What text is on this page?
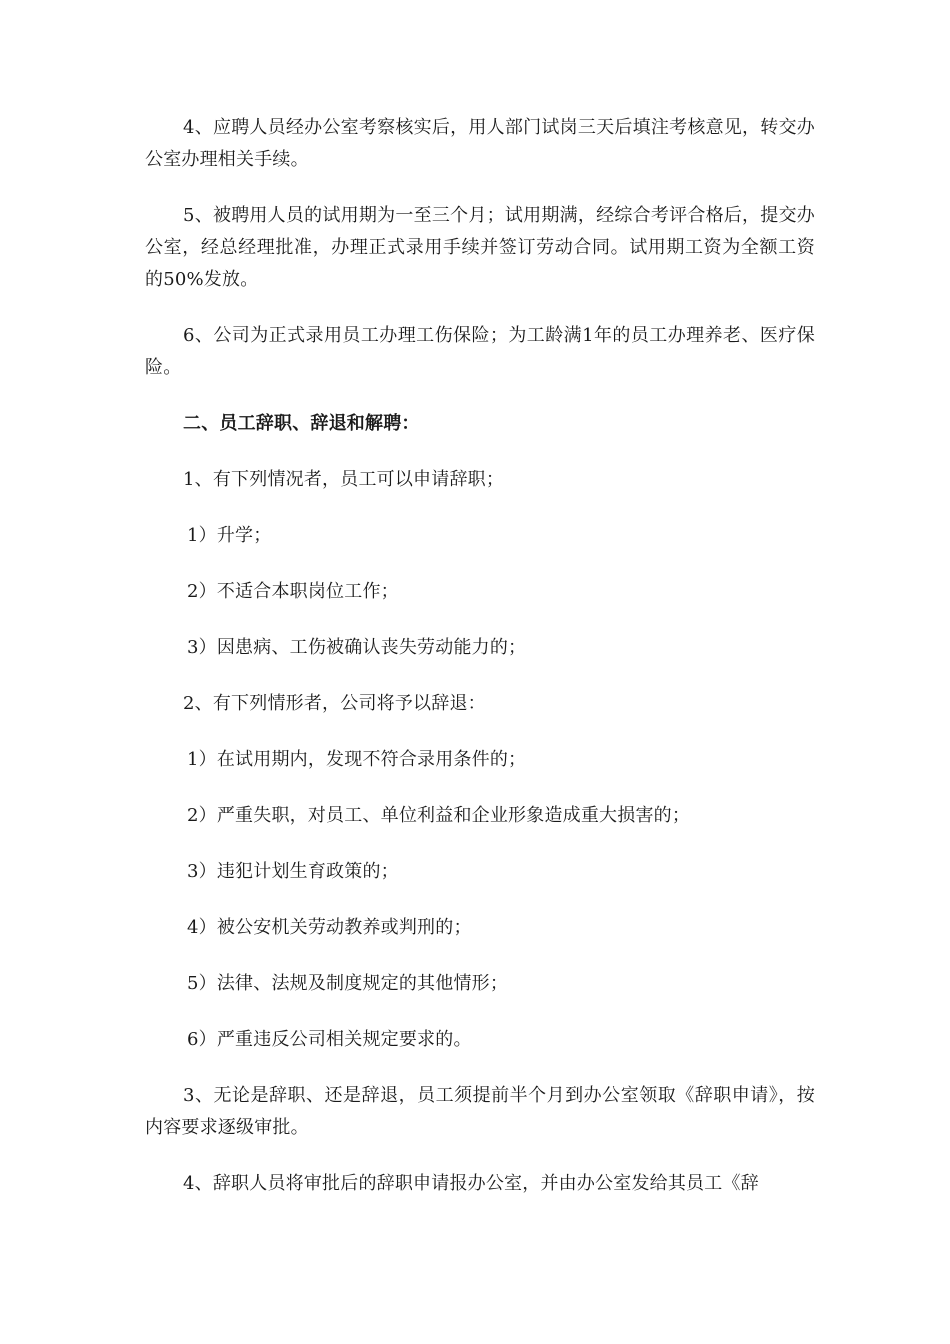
4、应聘人员经办公室考察核实后，用人部门试岗三天后填注考核意见，转交办公室办理相关手续。

5、被聘用人员的试用期为一至三个月；试用期满，经综合考评合格后，提交办公室，经总经理批准，办理正式录用手续并签订劳动合同。试用期工资为全额工资的50%发放。

6、公司为正式录用员工办理工伤保险；为工龄满1年的员工办理养老、医疗保险。

二、员工辞职、辞退和解聘：

1、有下列情况者，员工可以申请辞职；

1）升学；

2）不适合本职岗位工作；

3）因患病、工伤被确认丧失劳动能力的；

2、有下列情形者，公司将予以辞退：

1）在试用期内，发现不符合录用条件的；

2）严重失职，对员工、单位利益和企业形象造成重大损害的；

3）违犯计划生育政策的；

4）被公安机关劳动教养或判刑的；

5）法律、法规及制度规定的其他情形；

6）严重违反公司相关规定要求的。

3、无论是辞职、还是辞退，员工须提前半个月到办公室领取《辞职申请》，按内容要求逐级审批。

4、辞职人员将审批后的辞职申请报办公室，并由办公室发给其员工《辞
